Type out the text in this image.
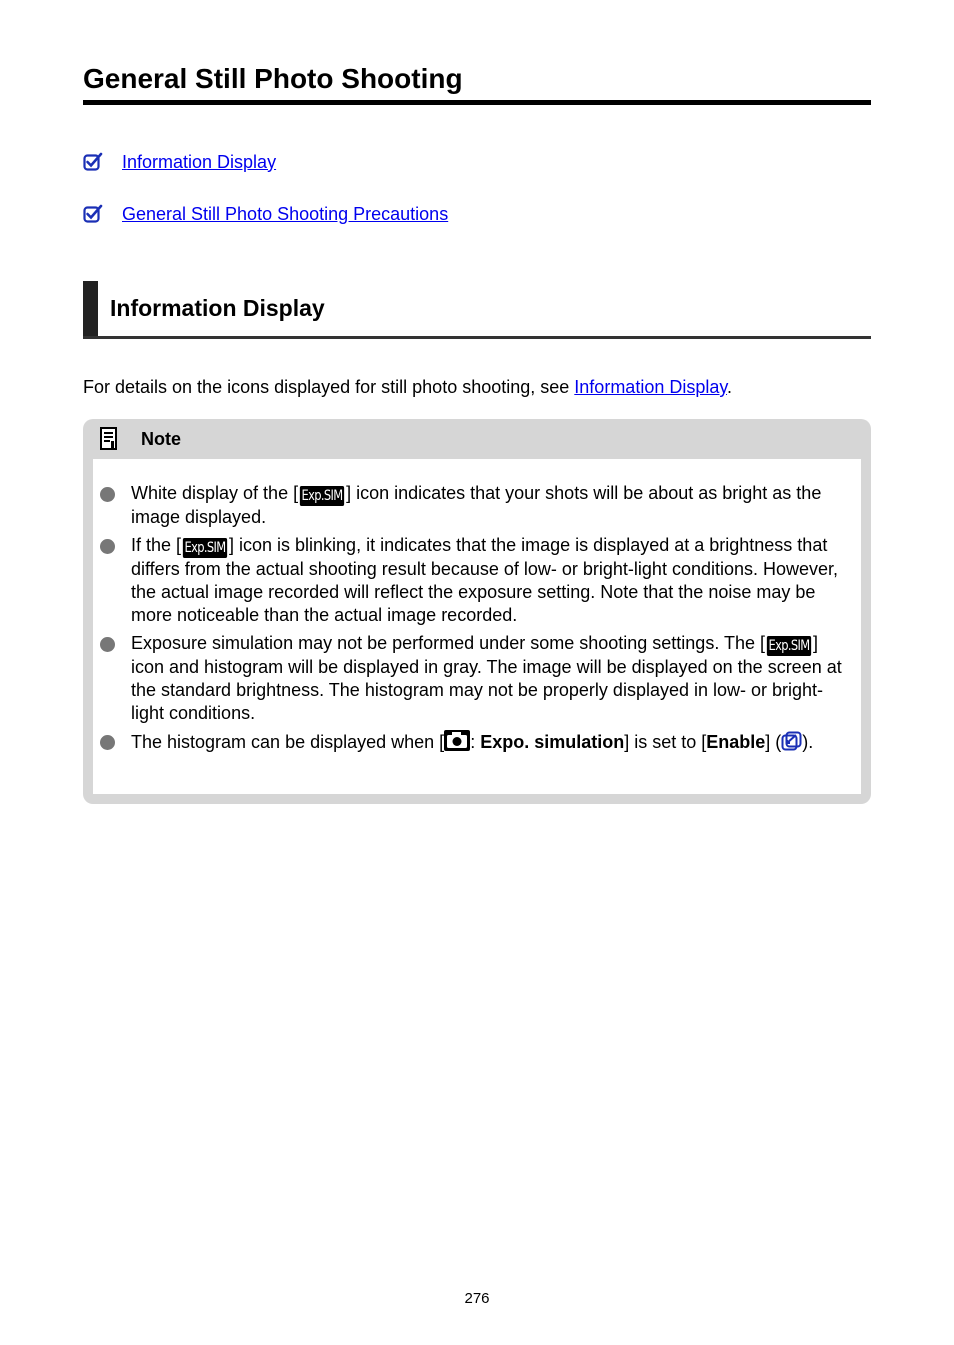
General Still Photo Shooting
Information Display
General Still Photo Shooting Precautions
Information Display

For details on the icons displayed for still photo shooting, see Information Display.

Note
White display of the [ Exp.SIM ] icon indicates that your shots will be about as bright as the image displayed.
If the [ Exp.SIM ] icon is blinking, it indicates that the image is displayed at a brightness that differs from the actual shooting result because of low- or bright-light conditions. However, the actual image recorded will reflect the exposure setting. Note that the noise may be more noticeable than the actual image recorded.
Exposure simulation may not be performed under some shooting settings. The [ Exp.SIM ] icon and histogram will be displayed in gray. The image will be displayed on the screen at the standard brightness. The histogram may not be properly displayed in low- or bright-light conditions.
The histogram can be displayed when [ : Expo. simulation] is set to [Enable] ( ).
276
